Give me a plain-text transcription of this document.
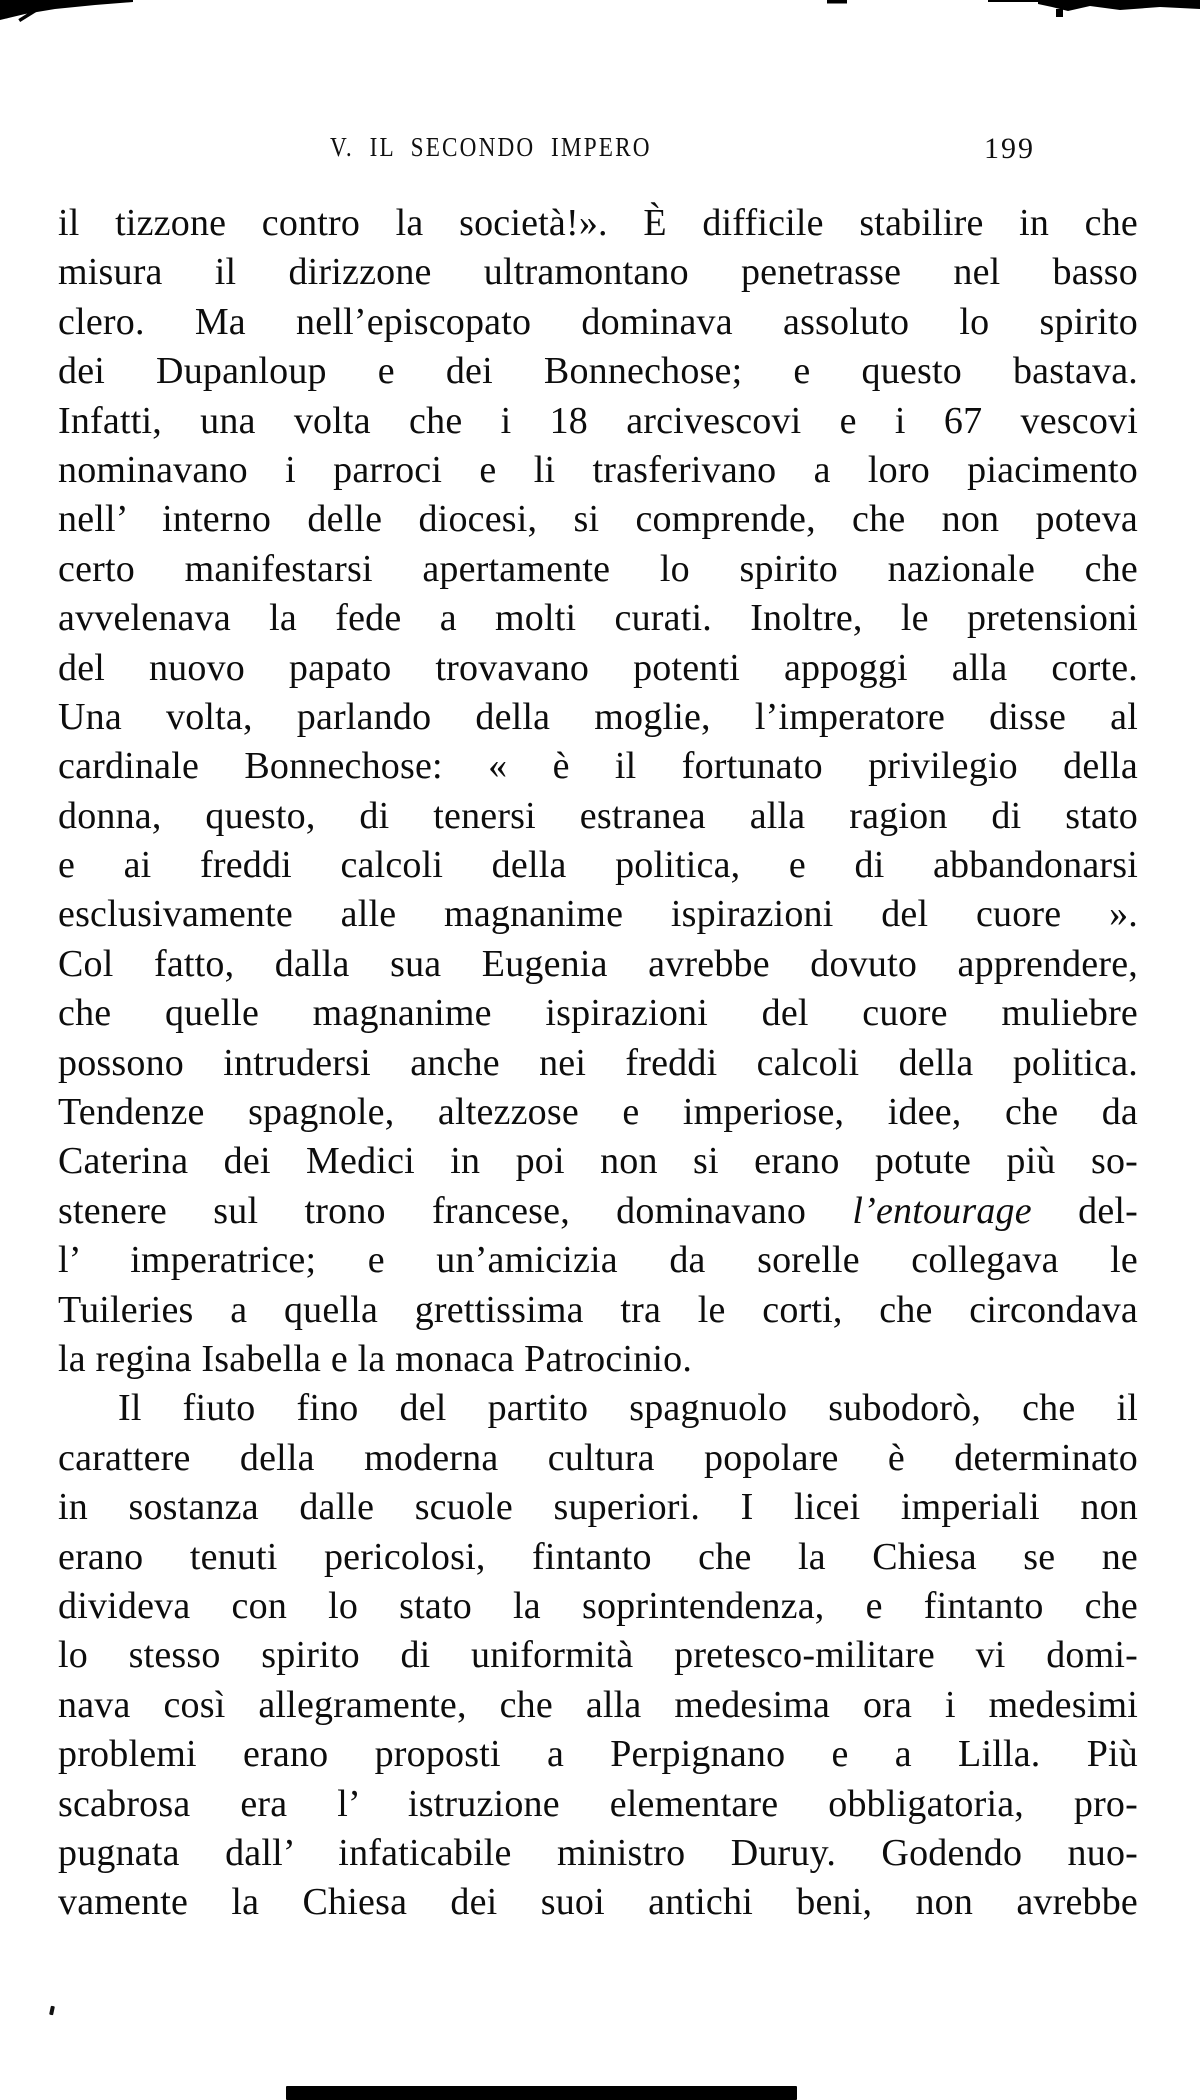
V. IL SECONDO IMPERO	199
il tizzone contro la società!». È difficile stabilire in che
misura il dirizzone ultramontano penetrasse nel basso
clero. Ma nell’episcopato dominava assoluto lo spirito
dei Dupanloup e dei Bonnechose; e questo bastava.
Infatti, una volta che i 18 arcivescovi e i 67 vescovi
nominavano i parroci e li trasferivano a loro piacimento
nell’ interno delle diocesi, si comprende, che non poteva
certo manifestarsi apertamente lo spirito nazionale che
avvelenava la fede a molti curati. Inoltre, le pretensioni
del nuovo papato trovavano potenti appoggi alla corte.
Una volta, parlando della moglie, l’imperatore disse al
cardinale Bonnechose: « è il fortunato privilegio della
donna, questo, di tenersi estranea alla ragion di stato
e ai freddi calcoli della politica, e di abbandonarsi
esclusivamente alle magnanime ispirazioni del cuore ».
Col fatto, dalla sua Eugenia avrebbe dovuto apprendere,
che quelle magnanime ispirazioni del cuore muliebre
possono intrudersi anche nei freddi calcoli della politica.
Tendenze spagnole, altezzose e imperiose, idee, che da
Caterina dei Medici in poi non si erano potute più so-
stenere sul trono francese, dominavano l’entourage del-
l’ imperatrice; e un’amicizia da sorelle collegava le
Tuileries a quella grettissima tra le corti, che circondava
la regina Isabella e la monaca Patrocinio.
Il fiuto fino del partito spagnuolo subodorò, che il
carattere della moderna cultura popolare è determinato
in sostanza dalle scuole superiori. I licei imperiali non
erano tenuti pericolosi, fintanto che la Chiesa se ne
divideva con lo stato la soprintendenza, e fintanto che
lo stesso spirito di uniformità pretesco-militare vi domi-
nava così allegramente, che alla medesima ora i medesimi
problemi erano proposti a Perpignano e a Lilla. Più
scabrosa era l’ istruzione elementare obbligatoria, pro-
pugnata dall’ infaticabile ministro Duruy. Godendo nuo-
vamente la Chiesa dei suoi antichi beni, non avrebbe
